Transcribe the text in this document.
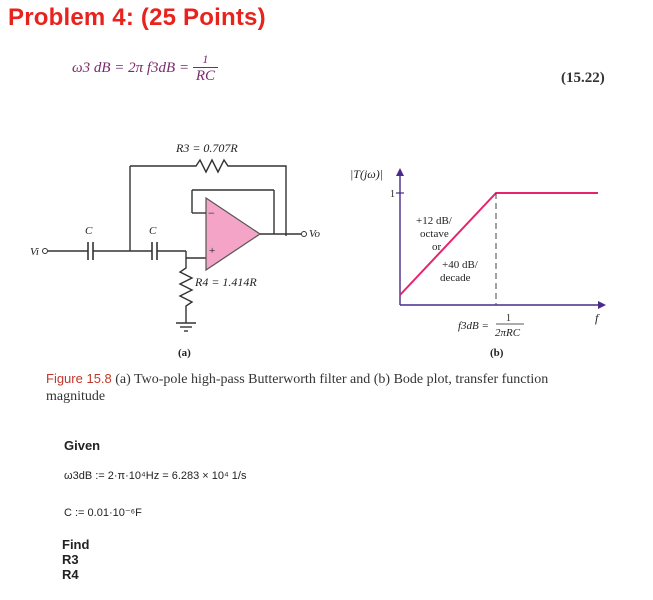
Problem 4: (25 Points)
ω3 dB = 2π $f3dB = \frac{1}{RC}$	(15.22)
R3 = 0.707R
Vi
C	C
R4 = 1.414R
−
+
Vo
(a)
|T(jω)|
1
+12 dB/
octave
or
+40 dB/
decade
f3dB =
1
2πRC
f
(b)
Figure 15.8 (a) Two-pole high-pass Butterworth filter and (b) Bode plot, transfer function magnitude
Given
ω3dB := 2·π·10⁴Hz = 6.283 × 10⁴ 1/s
C := 0.01·10⁻⁶F
Find
R3
R4
